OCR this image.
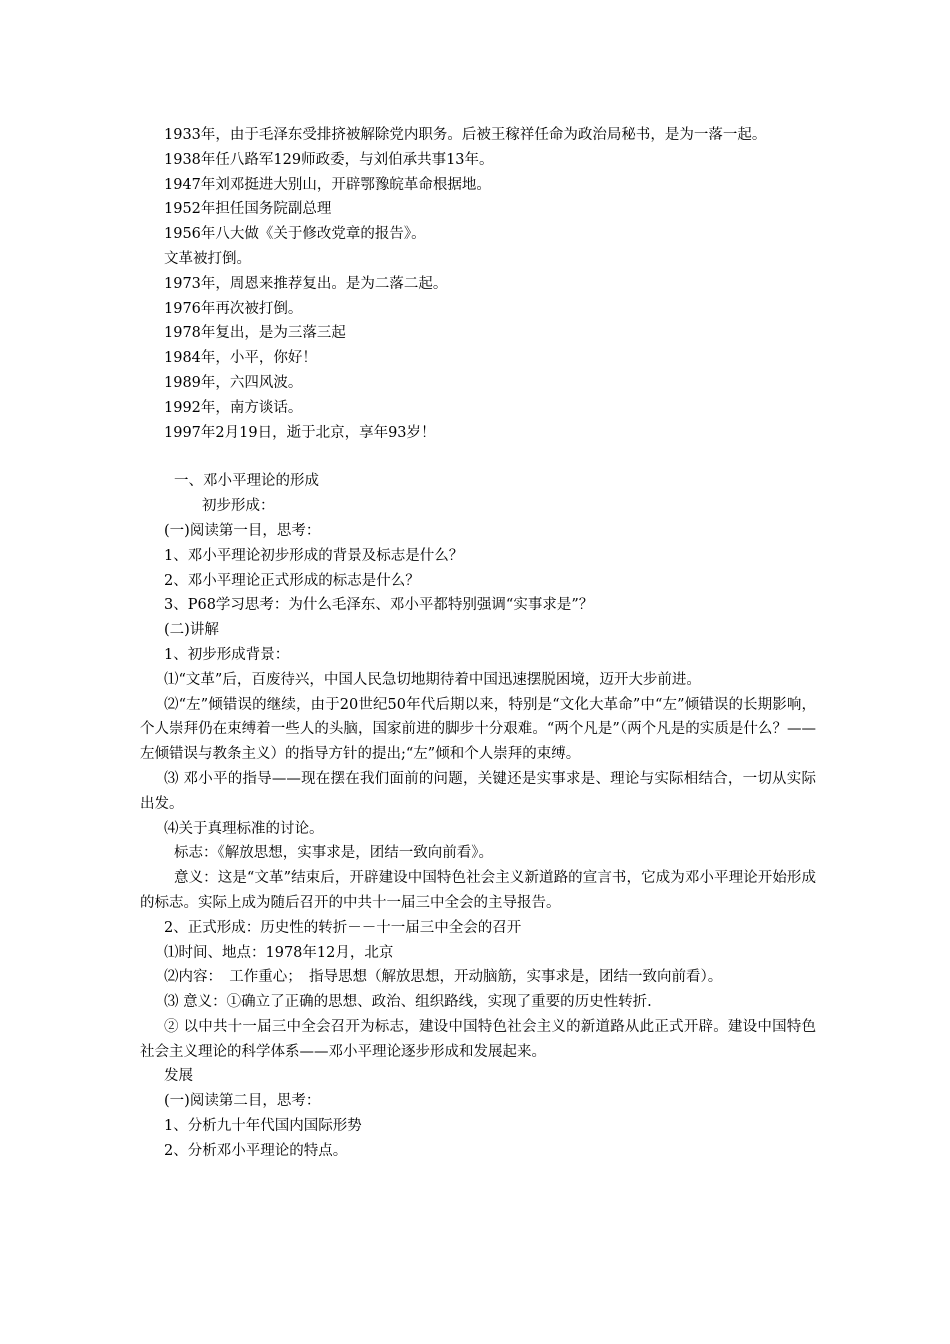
1933年，由于毛泽东受排挤被解除党内职务。后被王稼祥任命为政治局秘书，是为一落一起。

1938年任八路军129师政委，与刘伯承共事13年。

1947年刘邓挺进大别山，开辟鄂豫皖革命根据地。

1952年担任国务院副总理

1956年八大做《关于修改党章的报告》。

文革被打倒。

1973年，周恩来推荐复出。是为二落二起。

1976年再次被打倒。

1978年复出，是为三落三起

1984年，小平，你好！

1989年，六四风波。

1992年，南方谈话。

1997年2月19日，逝于北京，享年93岁！

一、邓小平理论的形成

初步形成：

(一)阅读第一目，思考：

1、邓小平理论初步形成的背景及标志是什么？

2、邓小平理论正式形成的标志是什么？

3、P68学习思考：为什么毛泽东、邓小平都特别强调“实事求是”？

(二)讲解

1、初步形成背景：

⑴“文革”后，百废待兴，中国人民急切地期待着中国迅速摆脱困境，迈开大步前进。

⑵“左”倾错误的继续，由于20世纪50年代后期以来，特别是“文化大革命”中“左”倾错误的长期影响，个人崇拜仍在束缚着一些人的头脑，国家前进的脚步十分艰难。“两个凡是”（两个凡是的实质是什么？——左倾错误与教条主义）的指导方针的提出;“左”倾和个人崇拜的束缚。

⑶ 邓小平的指导——现在摆在我们面前的问题，关键还是实事求是、理论与实际相结合，一切从实际出发。

⑷关于真理标准的讨论。

标志：《解放思想，实事求是，团结一致向前看》。

意义：这是“文革”结束后，开辟建设中国特色社会主义新道路的宣言书，它成为邓小平理论开始形成的标志。实际上成为随后召开的中共十一届三中全会的主导报告。

2、正式形成：历史性的转折－－十一届三中全会的召开

⑴时间、地点：1978年12月，北京

⑵内容：　工作重心；　指导思想（解放思想，开动脑筋，实事求是，团结一致向前看）。

⑶ 意义：①确立了正确的思想、政治、组织路线，实现了重要的历史性转折.

② 以中共十一届三中全会召开为标志，建设中国特色社会主义的新道路从此正式开辟。建设中国特色社会主义理论的科学体系——邓小平理论逐步形成和发展起来。

发展

(一)阅读第二目，思考：

1、分析九十年代国内国际形势

2、分析邓小平理论的特点。
